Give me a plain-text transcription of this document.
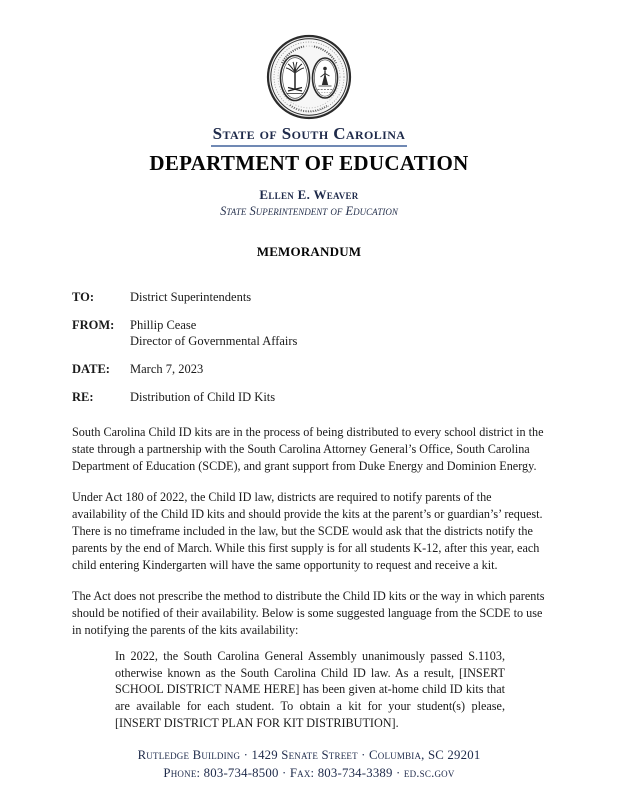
State of South Carolina
DEPARTMENT OF EDUCATION
Ellen E. Weaver
State Superintendent of Education
MEMORANDUM
TO:	District Superintendents
FROM:	Phillip Cease
Director of Governmental Affairs
DATE:	March 7, 2023
RE:	Distribution of Child ID Kits

South Carolina Child ID kits are in the process of being distributed to every school district in the state through a partnership with the South Carolina Attorney General’s Office, South Carolina Department of Education (SCDE), and grant support from Duke Energy and Dominion Energy.

Under Act 180 of 2022, the Child ID law, districts are required to notify parents of the availability of the Child ID kits and should provide the kits at the parent’s or guardian’s’ request. There is no timeframe included in the law, but the SCDE would ask that the districts notify the parents by the end of March. While this first supply is for all students K-12, after this year, each child entering Kindergarten will have the same opportunity to request and receive a kit.

The Act does not prescribe the method to distribute the Child ID kits or the way in which parents should be notified of their availability. Below is some suggested language from the SCDE to use in notifying the parents of the kits availability:

In 2022, the South Carolina General Assembly unanimously passed S.1103, otherwise known as the South Carolina Child ID law. As a result, [INSERT SCHOOL DISTRICT NAME HERE] has been given at-home child ID kits that are available for each student. To obtain a kit for your student(s) please, [INSERT DISTRICT PLAN FOR KIT DISTRIBUTION].

Rutledge Building · 1429 Senate Street · Columbia, SC 29201
Phone: 803-734-8500 · Fax: 803-734-3389 · ed.sc.gov
